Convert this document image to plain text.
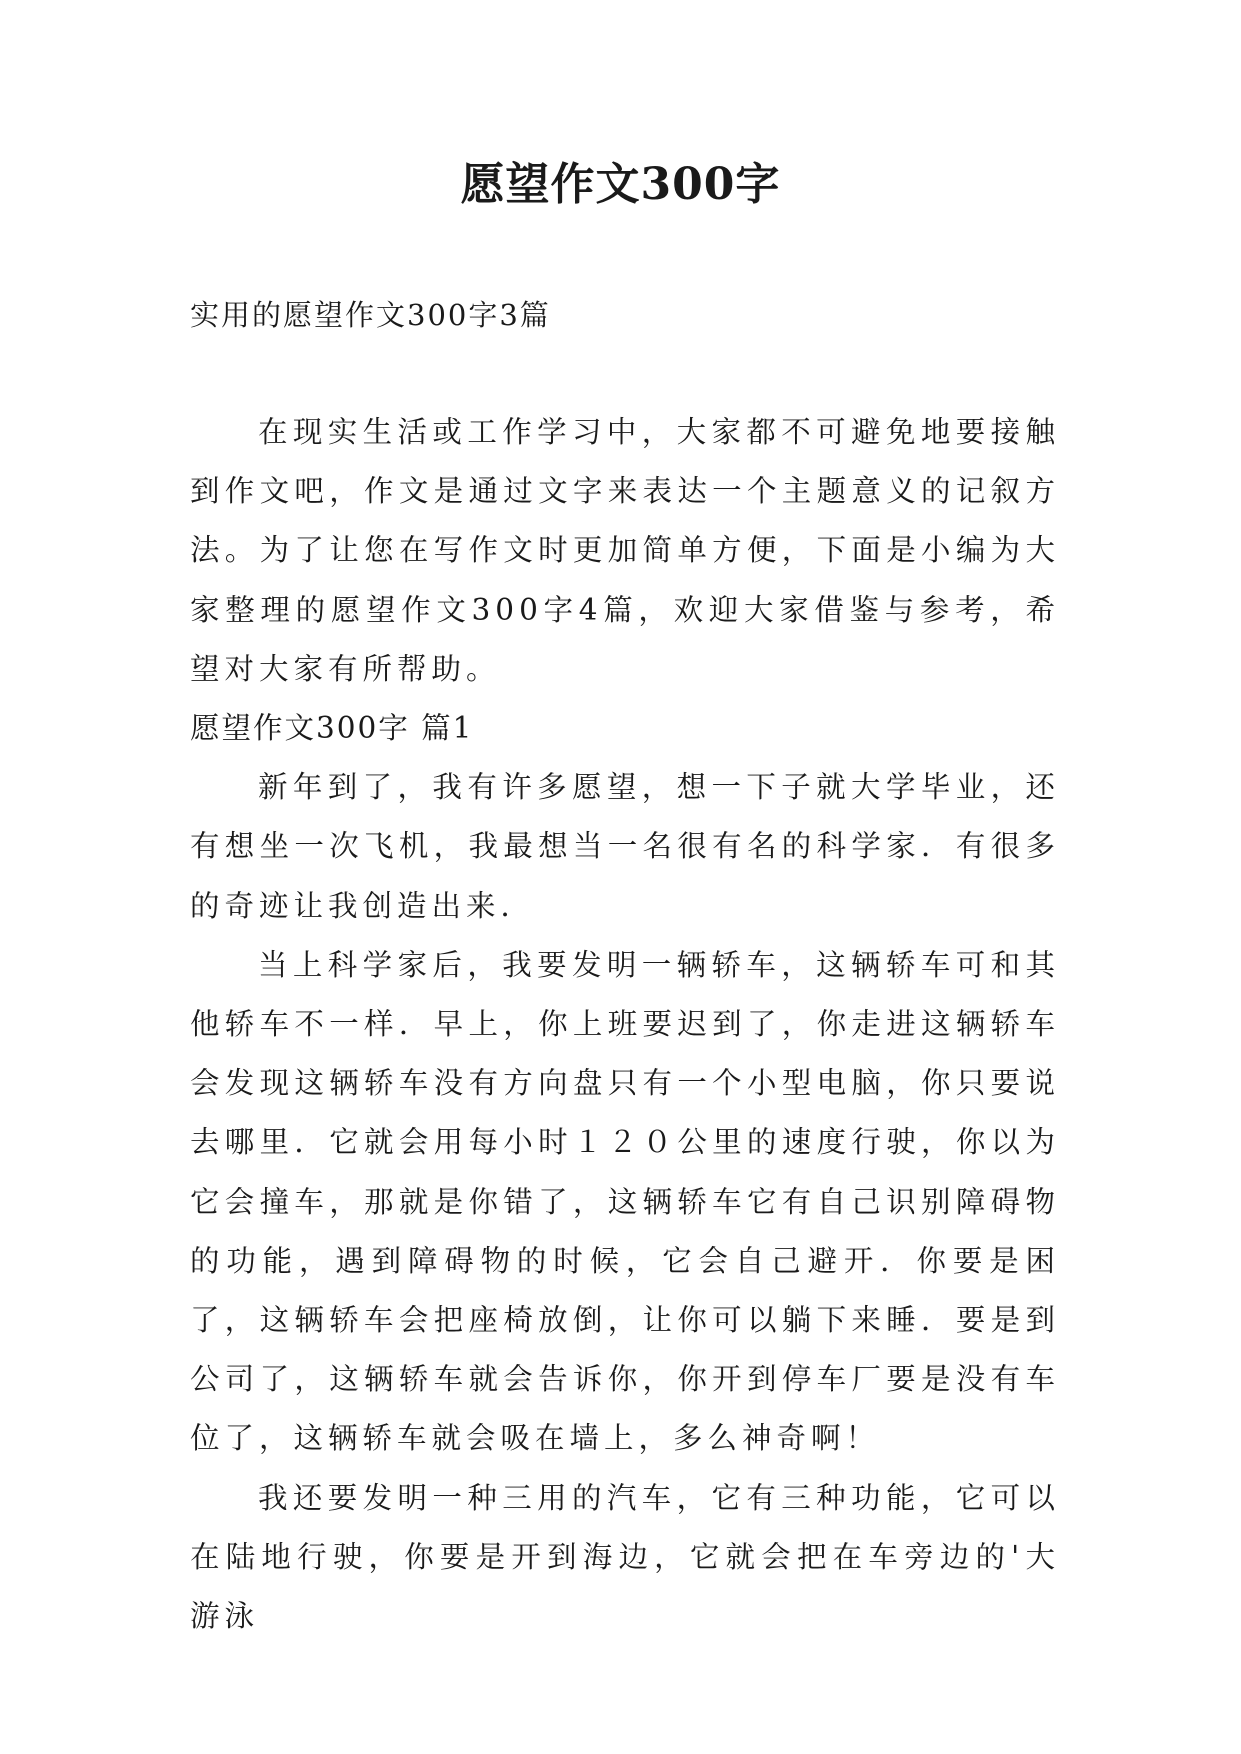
愿望作文300字

实用的愿望作文300字3篇

在现实生活或工作学习中，大家都不可避免地要接触到作文吧，作文是通过文字来表达一个主题意义的记叙方法。为了让您在写作文时更加简单方便，下面是小编为大家整理的愿望作文300字4篇，欢迎大家借鉴与参考，希望对大家有所帮助。

愿望作文300字 篇1

新年到了，我有许多愿望，想一下子就大学毕业，还有想坐一次飞机，我最想当一名很有名的科学家．有很多的奇迹让我创造出来．

当上科学家后，我要发明一辆轿车，这辆轿车可和其他轿车不一样．早上，你上班要迟到了，你走进这辆轿车会发现这辆轿车没有方向盘只有一个小型电脑，你只要说去哪里．它就会用每小时１２０公里的速度行驶，你以为它会撞车，那就是你错了，这辆轿车它有自己识别障碍物的功能，遇到障碍物的时候，它会自己避开．你要是困了，这辆轿车会把座椅放倒，让你可以躺下来睡．要是到公司了，这辆轿车就会告诉你，你开到停车厂要是没有车位了，这辆轿车就会吸在墙上，多么神奇啊！

我还要发明一种三用的汽车，它有三种功能，它可以在陆地行驶，你要是开到海边，它就会把在车旁边的'大游泳
